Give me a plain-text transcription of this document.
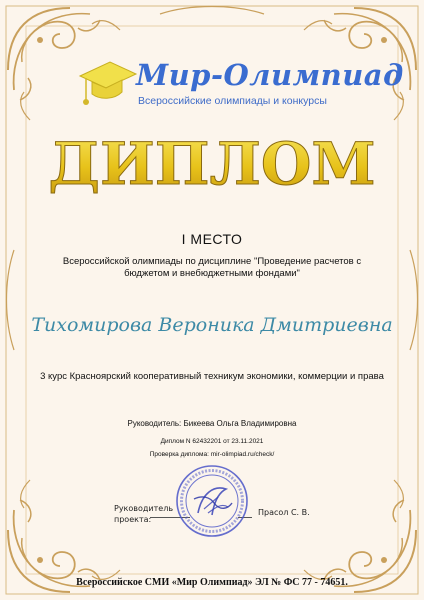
Мир-Олимпиад
Всероссийские олимпиады и конкурсы
ДИПЛОМ
I МЕСТО
Всероссийской олимпиады по дисциплине "Проведение расчетов с бюджетом и внебюджетными фондами"
Тихомирова Вероника Дмитриевна
3 курс Красноярский кооперативный техникум экономики, коммерции и права
Руководитель: Бикеева Ольга Владимировна
Диплом N 62432201 от 23.11.2021
Проверка диплома: mir-olimpiad.ru/check/
Руководитель
проекта:
Прасол С. В.
Всероссийское СМИ «Мир Олимпиад» ЭЛ № ФС 77 - 74651.
